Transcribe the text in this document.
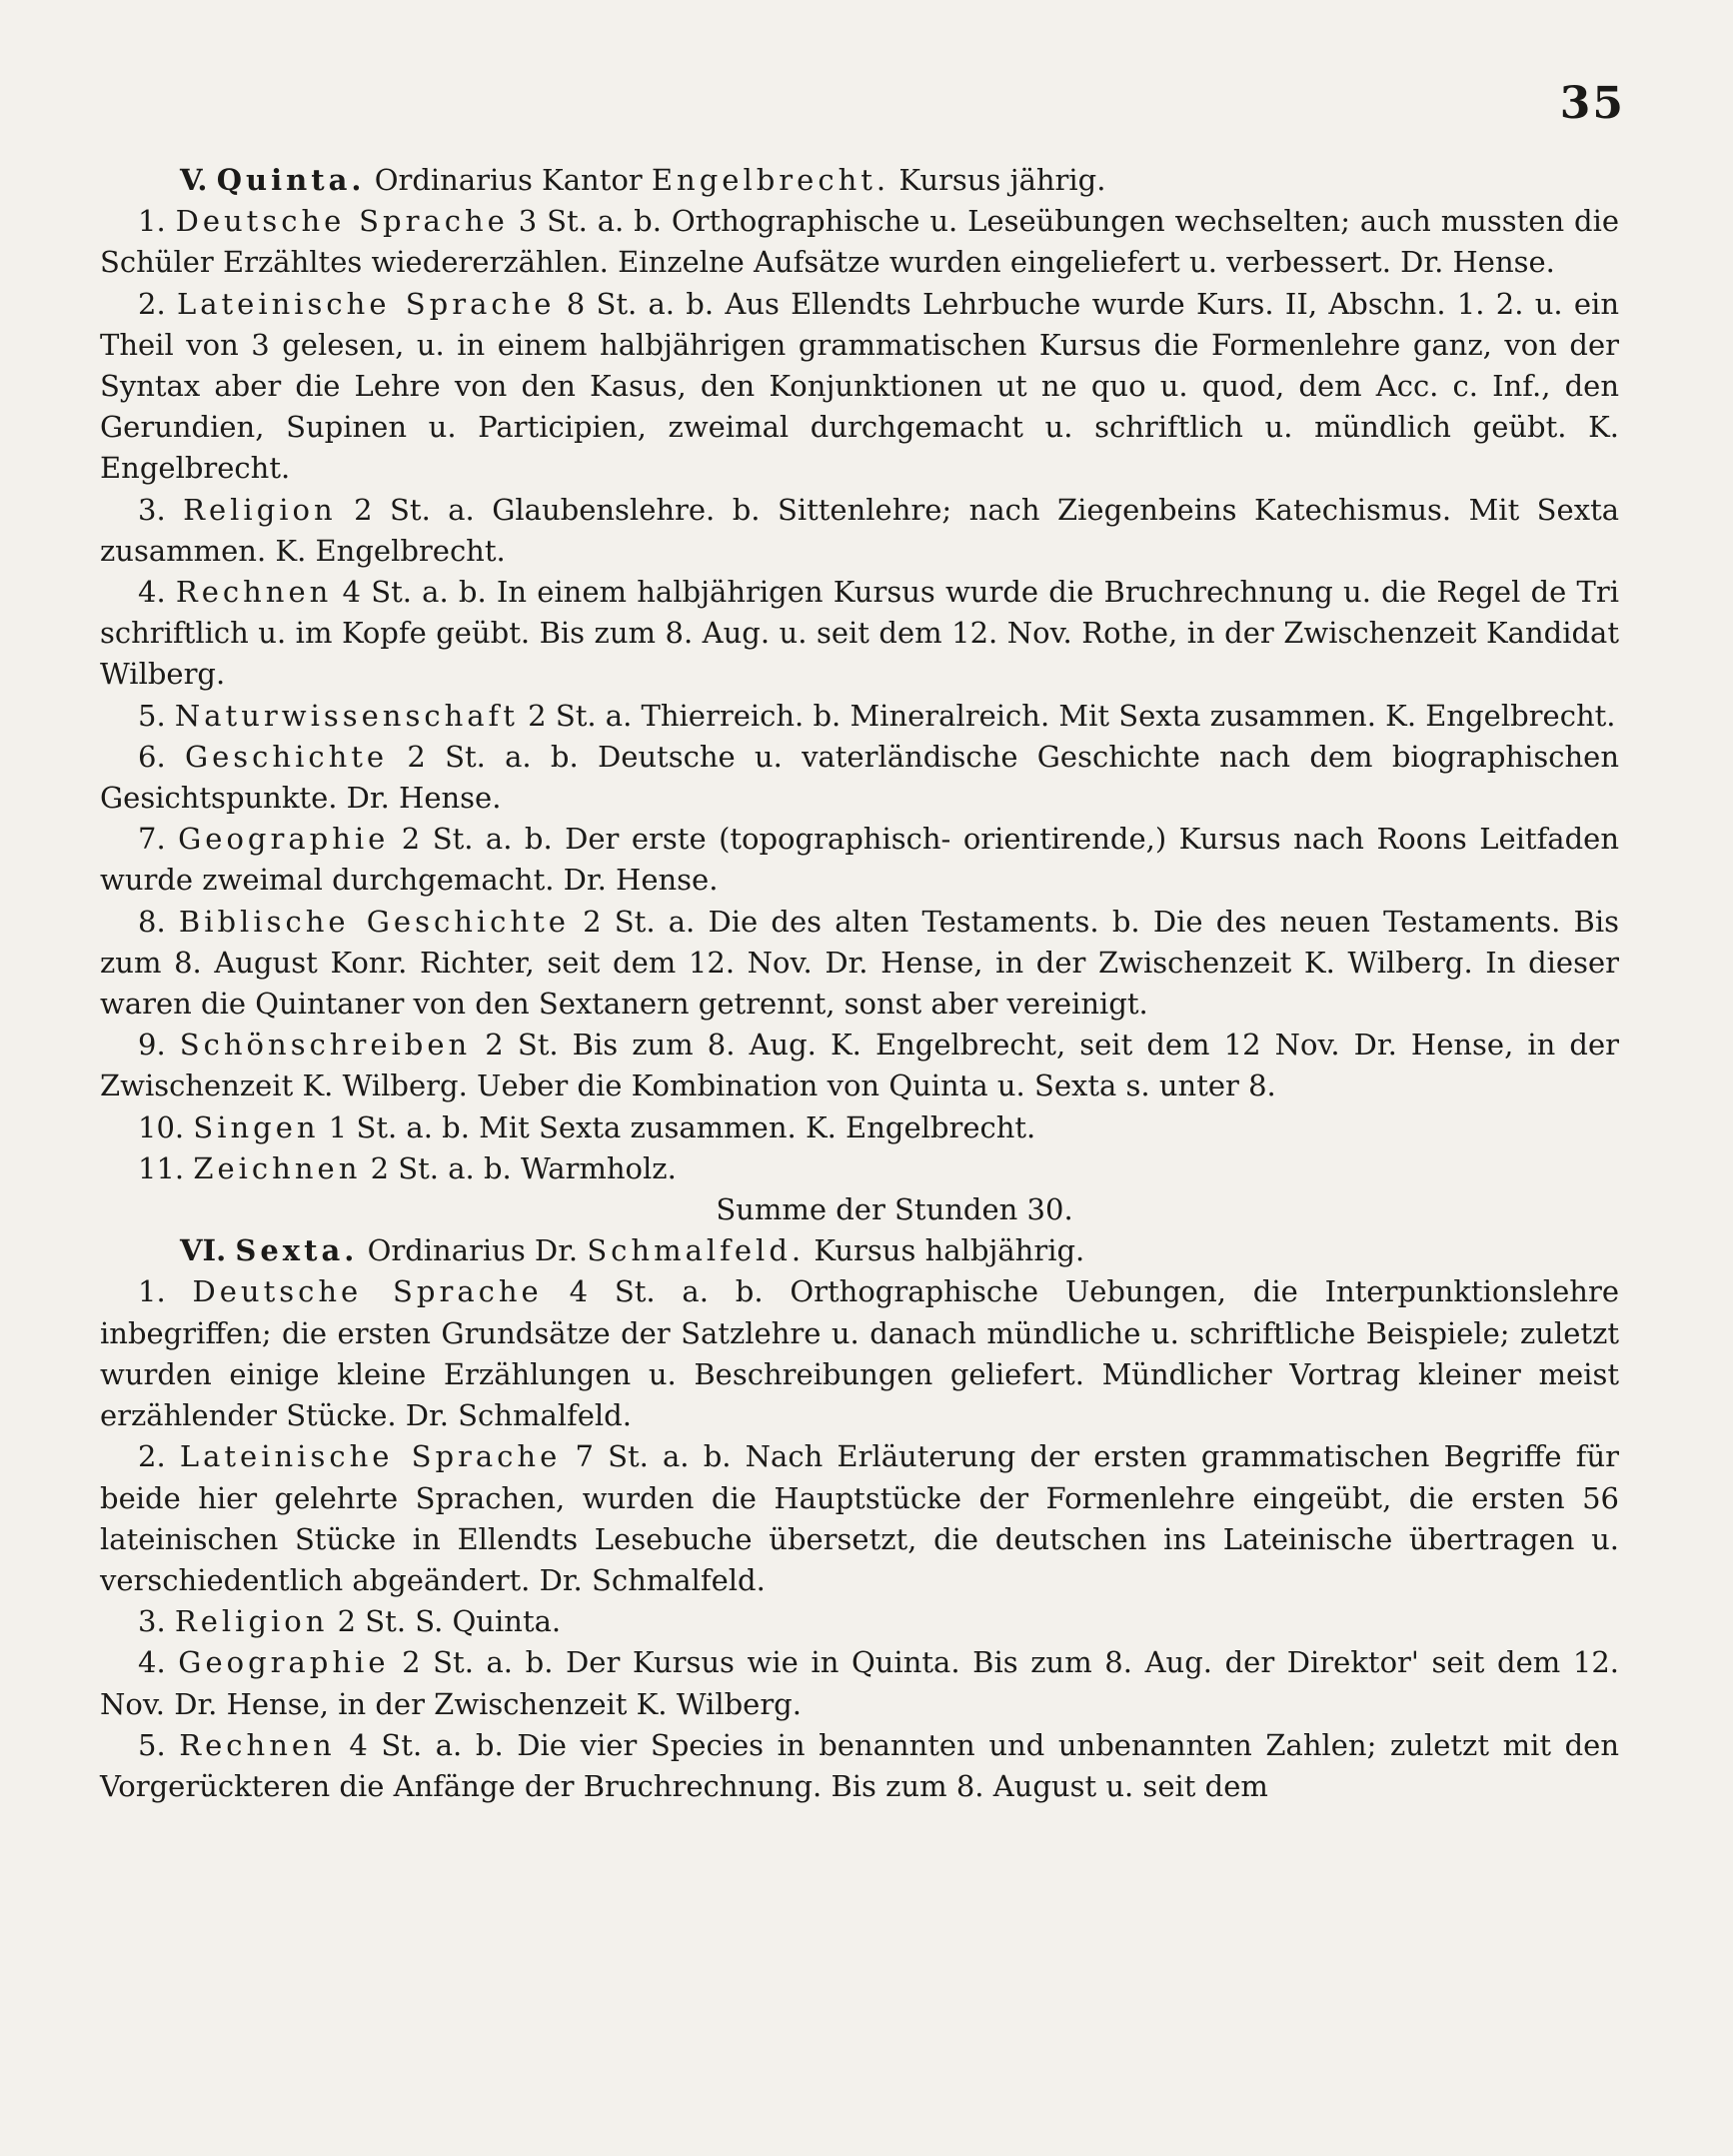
35

V. Quinta. Ordinarius Kantor Engelbrecht. Kursus jährig.

1. Deutsche Sprache 3 St. a. b. Orthographische u. Leseübungen wechselten; auch mussten die Schüler Erzähltes wiedererzählen. Einzelne Aufsätze wurden eingeliefert u. verbessert. Dr. Hense.

2. Lateinische Sprache 8 St. a. b. Aus Ellendts Lehrbuche wurde Kurs. II, Abschn. 1. 2. u. ein Theil von 3 gelesen, u. in einem halbjährigen grammatischen Kursus die Formenlehre ganz, von der Syntax aber die Lehre von den Kasus, den Konjunktionen ut ne quo u. quod, dem Acc. c. Inf., den Gerundien, Supinen u. Participien, zweimal durchgemacht u. schriftlich u. mündlich geübt. K. Engelbrecht.

3. Religion 2 St. a. Glaubenslehre. b. Sittenlehre; nach Ziegenbeins Katechismus. Mit Sexta zusammen. K. Engelbrecht.

4. Rechnen 4 St. a. b. In einem halbjährigen Kursus wurde die Bruchrechnung u. die Regel de Tri schriftlich u. im Kopfe geübt. Bis zum 8. Aug. u. seit dem 12. Nov. Rothe, in der Zwischenzeit Kandidat Wilberg.

5. Naturwissenschaft 2 St. a. Thierreich. b. Mineralreich. Mit Sexta zusammen. K. Engelbrecht.

6. Geschichte 2 St. a. b. Deutsche u. vaterländische Geschichte nach dem biographischen Gesichtspunkte. Dr. Hense.

7. Geographie 2 St. a. b. Der erste (topographisch- orientirende,) Kursus nach Roons Leitfaden wurde zweimal durchgemacht. Dr. Hense.

8. Biblische Geschichte 2 St. a. Die des alten Testaments. b. Die des neuen Testaments. Bis zum 8. August Konr. Richter, seit dem 12. Nov. Dr. Hense, in der Zwischenzeit K. Wilberg. In dieser waren die Quintaner von den Sextanern getrennt, sonst aber vereinigt.

9. Schönschreiben 2 St. Bis zum 8. Aug. K. Engelbrecht, seit dem 12 Nov. Dr. Hense, in der Zwischenzeit K. Wilberg. Ueber die Kombination von Quinta u. Sexta s. unter 8.

10. Singen 1 St. a. b. Mit Sexta zusammen. K. Engelbrecht.

11. Zeichnen 2 St. a. b. Warmholz.

Summe der Stunden 30.

VI. Sexta. Ordinarius Dr. Schmalfeld. Kursus halbjährig.

1. Deutsche Sprache 4 St. a. b. Orthographische Uebungen, die Interpunktionslehre inbegriffen; die ersten Grundsätze der Satzlehre u. danach mündliche u. schriftliche Beispiele; zuletzt wurden einige kleine Erzählungen u. Beschreibungen geliefert. Mündlicher Vortrag kleiner meist erzählender Stücke. Dr. Schmalfeld.

2. Lateinische Sprache 7 St. a. b. Nach Erläuterung der ersten grammatischen Begriffe für beide hier gelehrte Sprachen, wurden die Hauptstücke der Formenlehre eingeübt, die ersten 56 lateinischen Stücke in Ellendts Lesebuche übersetzt, die deutschen ins Lateinische übertragen u. verschiedentlich abgeändert. Dr. Schmalfeld.

3. Religion 2 St. S. Quinta.

4. Geographie 2 St. a. b. Der Kursus wie in Quinta. Bis zum 8. Aug. der Direktor' seit dem 12. Nov. Dr. Hense, in der Zwischenzeit K. Wilberg.

5. Rechnen 4 St. a. b. Die vier Species in benannten und unbenannten Zahlen; zuletzt mit den Vorgerückteren die Anfänge der Bruchrechnung. Bis zum 8. August u. seit dem
